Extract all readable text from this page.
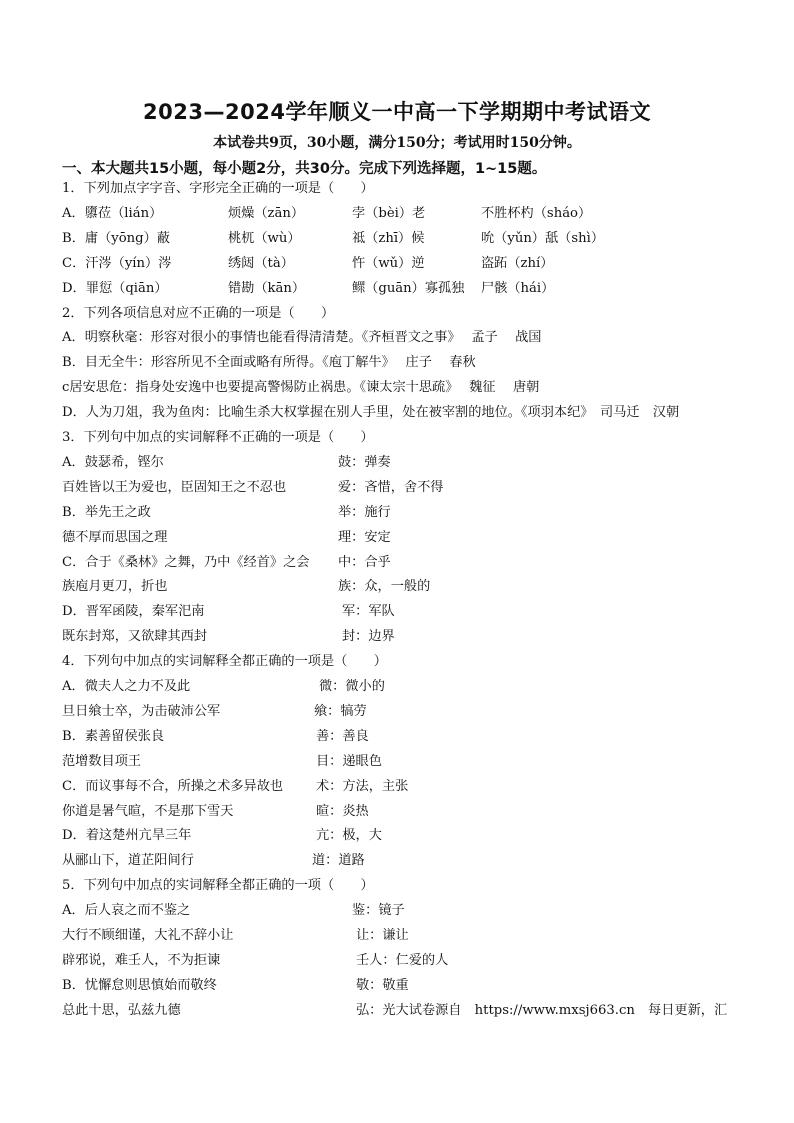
2023—2024学年顺义一中高一下学期期中考试语文
本试卷共9页，30小题，满分150分；考试用时150分钟。
一、本大题共15小题，每小题2分，共30分。完成下列选择题，1~15题。
1．下列加点字字音、字形完全正确的一项是（　　）
A．隳莅（lián）	烦燥（zān）	孛（bèi）老	不胜杯杓（sháo）
B．庸（yōng）蔽	桃杌（wù）	祗（zhī）候	吮（yǔn）舐（shì）
C．汗涔（yín）涔	绣闼（tà）	忤（wǔ）逆	盗跖（zhí）
D．罪愆（qiān）	错勘（kān）	鳏（guān）寡孤独 尸骸（hái）
2．下列各项信息对应不正确的一项是（　　）
A．明察秋毫：形容对很小的事情也能看得清清楚。《齐桓晋文之事》　 孟子　 战国
B．目无全牛：形容所见不全面或略有所得。《庖丁解牛》　 庄子　 春秋
c居安思危：指身处安逸中也要提高警惕防止祸患。《谏太宗十思疏》　 魏征　 唐朝
D．人为刀俎，我为鱼肉：比喻生杀大权掌握在别人手里，处在被宰割的地位。《项羽本纪》　司马迁　汉朝
3．下列句中加点的实词解释不正确的一项是（　　）
A．鼓瑟希，铿尔	鼓：弹奏
百姓皆以王为爱也，臣固知王之不忍也	爱：吝惜，舍不得
B．举先王之政	举：施行
德不厚而思国之理	理：安定
C．合于《桑林》之舞，乃中《经首》之会 中：合乎
族庖月更刀，折也	族：众，一般的
D．晋军函陵，秦军汜南	军：军队
既东封郑，又欲肆其西封	封：边界
4．下列句中加点的实词解释全都正确的一项是（　　）
A．微夫人之力不及此	微：微小的
旦日飨士卒，为击破沛公军	飨：犒劳
B．素善留侯张良	善：善良
范增数目项王	目：递眼色
C．而议事每不合，所操之术多异故也 术：方法，主张
你道是暑气暄，不是那下雪天	暄：炎热
D．着这楚州亢旱三年	亢：极，大
从郦山下，道芷阳间行	道：道路
5．下列句中加点的实词解释全都正确的一项（　　）
A．后人哀之而不鉴之	鉴：镜子
大行不顾细谨，大礼不辞小让	让：谦让
辟邪说，难壬人，不为拒谏	壬人：仁爱的人
B．忧懈怠则思慎始而敬终	敬：敬重
总此十思，弘兹九德	弘：光大试卷源自　https://www.mxsj663.cn　每日更新，汇
